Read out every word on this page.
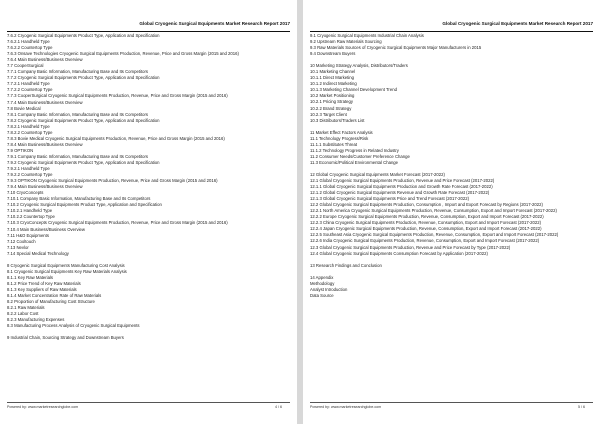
Global Cryogenic Surgical Equipments Market Research Report 2017
7.6.2 Cryogenic Surgical Equipments Product Type, Application and Specification
7.6.2.1 Handheld Type
7.6.2.2 Countertop Type
7.6.3 Onsave Technologies Cryogenic Surgical Equipments Production, Revenue, Price and Gross Margin (2015 and 2016)
7.6.4 Main Business/Business Overview
7.7 CooperSurgical
7.7.1 Company Basic Information, Manufacturing Base and Its Competitors
7.7.2 Cryogenic Surgical Equipments Product Type, Application and Specification
7.7.2.1 Handheld Type
7.7.2.2 Countertop Type
7.7.3 CooperSurgical Cryogenic Surgical Equipments Production, Revenue, Price and Gross Margin (2015 and 2016)
7.7.4 Main Business/Business Overview
7.8 Bovie Medical
7.8.1 Company Basic Information, Manufacturing Base and Its Competitors
7.8.2 Cryogenic Surgical Equipments Product Type, Application and Specification
7.8.2.1 Handheld Type
7.8.2.2 Countertop Type
7.8.3 Bovie Medical Cryogenic Surgical Equipments Production, Revenue, Price and Gross Margin (2015 and 2016)
7.8.4 Main Business/Business Overview
7.9 OPTIKON
7.9.1 Company Basic Information, Manufacturing Base and Its Competitors
7.9.2 Cryogenic Surgical Equipments Product Type, Application and Specification
7.9.2.1 Handheld Type
7.9.2.2 Countertop Type
7.9.3 OPTIKON Cryogenic Surgical Equipments Production, Revenue, Price and Gross Margin (2015 and 2016)
7.9.4 Main Business/Business Overview
7.10 CryoConcepts
7.10.1 Company Basic Information, Manufacturing Base and Its Competitors
7.10.2 Cryogenic Surgical Equipments Product Type, Application and Specification
7.10.2.1 Handheld Type
7.10.2.2 Countertop Type
7.10.3 CryoConcepts Cryogenic Surgical Equipments Production, Revenue, Price and Gross Margin (2015 and 2016)
7.10.4 Main Business/Business Overview
7.11 H&O Equipments
7.12 Cooltouch
7.13 Nevlor
7.14 Special Medical Technology
8 Cryogenic Surgical Equipments Manufacturing Cost Analysis
8.1 Cryogenic Surgical Equipments Key Raw Materials Analysis
8.1.1 Key Raw Materials
8.1.2 Price Trend of Key Raw Materials
8.1.3 Key Suppliers of Raw Materials
8.1.4 Market Concentration Rate of Raw Materials
8.2 Proportion of Manufacturing Cost Structure
8.2.1 Raw Materials
8.2.2 Labor Cost
8.2.3 Manufacturing Expenses
8.3 Manufacturing Process Analysis of Cryogenic Surgical Equipments
9 Industrial Chain, Sourcing Strategy and Downstream Buyers
Powered by: www.marketresearchglobe.com	4 / 6
Global Cryogenic Surgical Equipments Market Research Report 2017
9.1 Cryogenic Surgical Equipments Industrial Chain Analysis
9.2 Upstream Raw Materials Sourcing
9.3 Raw Materials Sources of Cryogenic Surgical Equipments Major Manufacturers in 2015
9.4 Downstream Buyers
10 Marketing Strategy Analysis, Distributors/Traders
10.1 Marketing Channel
10.1.1 Direct Marketing
10.1.2 Indirect Marketing
10.1.3 Marketing Channel Development Trend
10.2 Market Positioning
10.2.1 Pricing Strategy
10.2.2 Brand Strategy
10.2.3 Target Client
10.3 Distributors/Traders List
11 Market Effect Factors Analysis
11.1 Technology Progress/Risk
11.1.1 Substitutes Threat
11.1.2 Technology Progress in Related Industry
11.2 Consumer Needs/Customer Preference Change
11.3 Economic/Political Environmental Change
12 Global Cryogenic Surgical Equipments Market Forecast (2017-2022)
12.1 Global Cryogenic Surgical Equipments Production, Revenue and Price Forecast (2017-2022)
12.1.1 Global Cryogenic Surgical Equipments Production and Growth Rate Forecast (2017-2022)
12.1.2 Global Cryogenic Surgical Equipments Revenue and Growth Rate Forecast (2017-2022)
12.1.3 Global Cryogenic Surgical Equipments Price and Trend Forecast (2017-2022)
12.2 Global Cryogenic Surgical Equipments Production, Consumption , Import and Export Forecast by Regions (2017-2022)
12.2.1 North America Cryogenic Surgical Equipments Production, Revenue, Consumption, Export and Import Forecast (2017-2022)
12.2.2 Europe Cryogenic Surgical Equipments Production, Revenue, Consumption, Export and Import Forecast (2017-2022)
12.2.3 China Cryogenic Surgical Equipments Production, Revenue, Consumption, Export and Import Forecast (2017-2022)
12.2.4 Japan Cryogenic Surgical Equipments Production, Revenue, Consumption, Export and Import Forecast (2017-2022)
12.2.5 Southeast Asia Cryogenic Surgical Equipments Production, Revenue, Consumption, Export and Import Forecast (2017-2022)
12.2.6 India Cryogenic Surgical Equipments Production, Revenue, Consumption, Export and Import Forecast (2017-2022)
12.3 Global Cryogenic Surgical Equipments Production, Revenue and Price Forecast by Type (2017-2022)
12.4 Global Cryogenic Surgical Equipments Consumption Forecast by Application (2017-2022)
13 Research Findings and Conclusion
14 Appendix
Methodology
Analyst Introduction
Data Source
Powered by: www.marketresearchglobe.com	5 / 6
